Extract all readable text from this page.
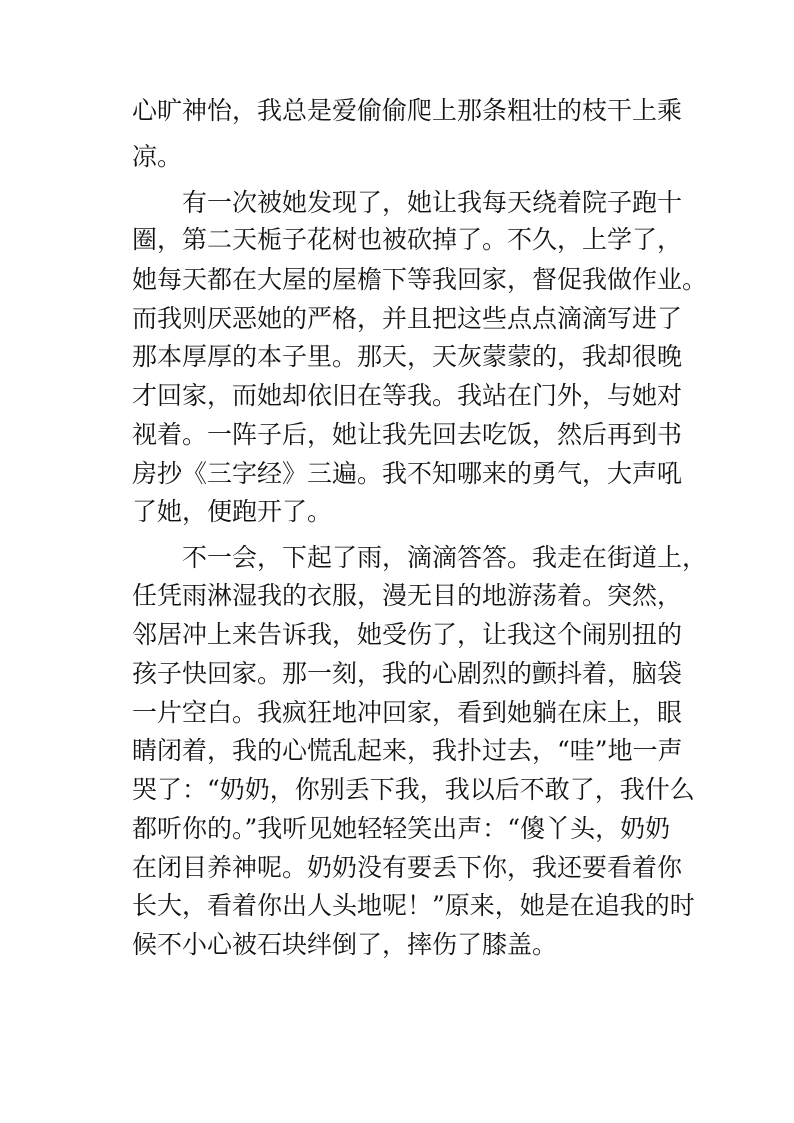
心旷神怡，我总是爱偷偷爬上那条粗壮的枝干上乘
凉。
有一次被她发现了，她让我每天绕着院子跑十
圈，第二天栀子花树也被砍掉了。不久，上学了，
她每天都在大屋的屋檐下等我回家，督促我做作业。
而我则厌恶她的严格，并且把这些点点滴滴写进了
那本厚厚的本子里。那天，天灰蒙蒙的，我却很晚
才回家，而她却依旧在等我。我站在门外，与她对
视着。一阵子后，她让我先回去吃饭，然后再到书
房抄《三字经》三遍。我不知哪来的勇气，大声吼
了她，便跑开了。
不一会，下起了雨，滴滴答答。我走在街道上，
任凭雨淋湿我的衣服，漫无目的地游荡着。突然，
邻居冲上来告诉我，她受伤了，让我这个闹别扭的
孩子快回家。那一刻，我的心剧烈的颤抖着，脑袋
一片空白。我疯狂地冲回家，看到她躺在床上，眼
睛闭着，我的心慌乱起来，我扑过去，“哇”地一声
哭了：“奶奶，你别丢下我，我以后不敢了，我什么
都听你的。”我听见她轻轻笑出声：“傻丫头，奶奶
在闭目养神呢。奶奶没有要丢下你，我还要看着你
长大，看着你出人头地呢！”原来，她是在追我的时
候不小心被石块绊倒了，摔伤了膝盖。
